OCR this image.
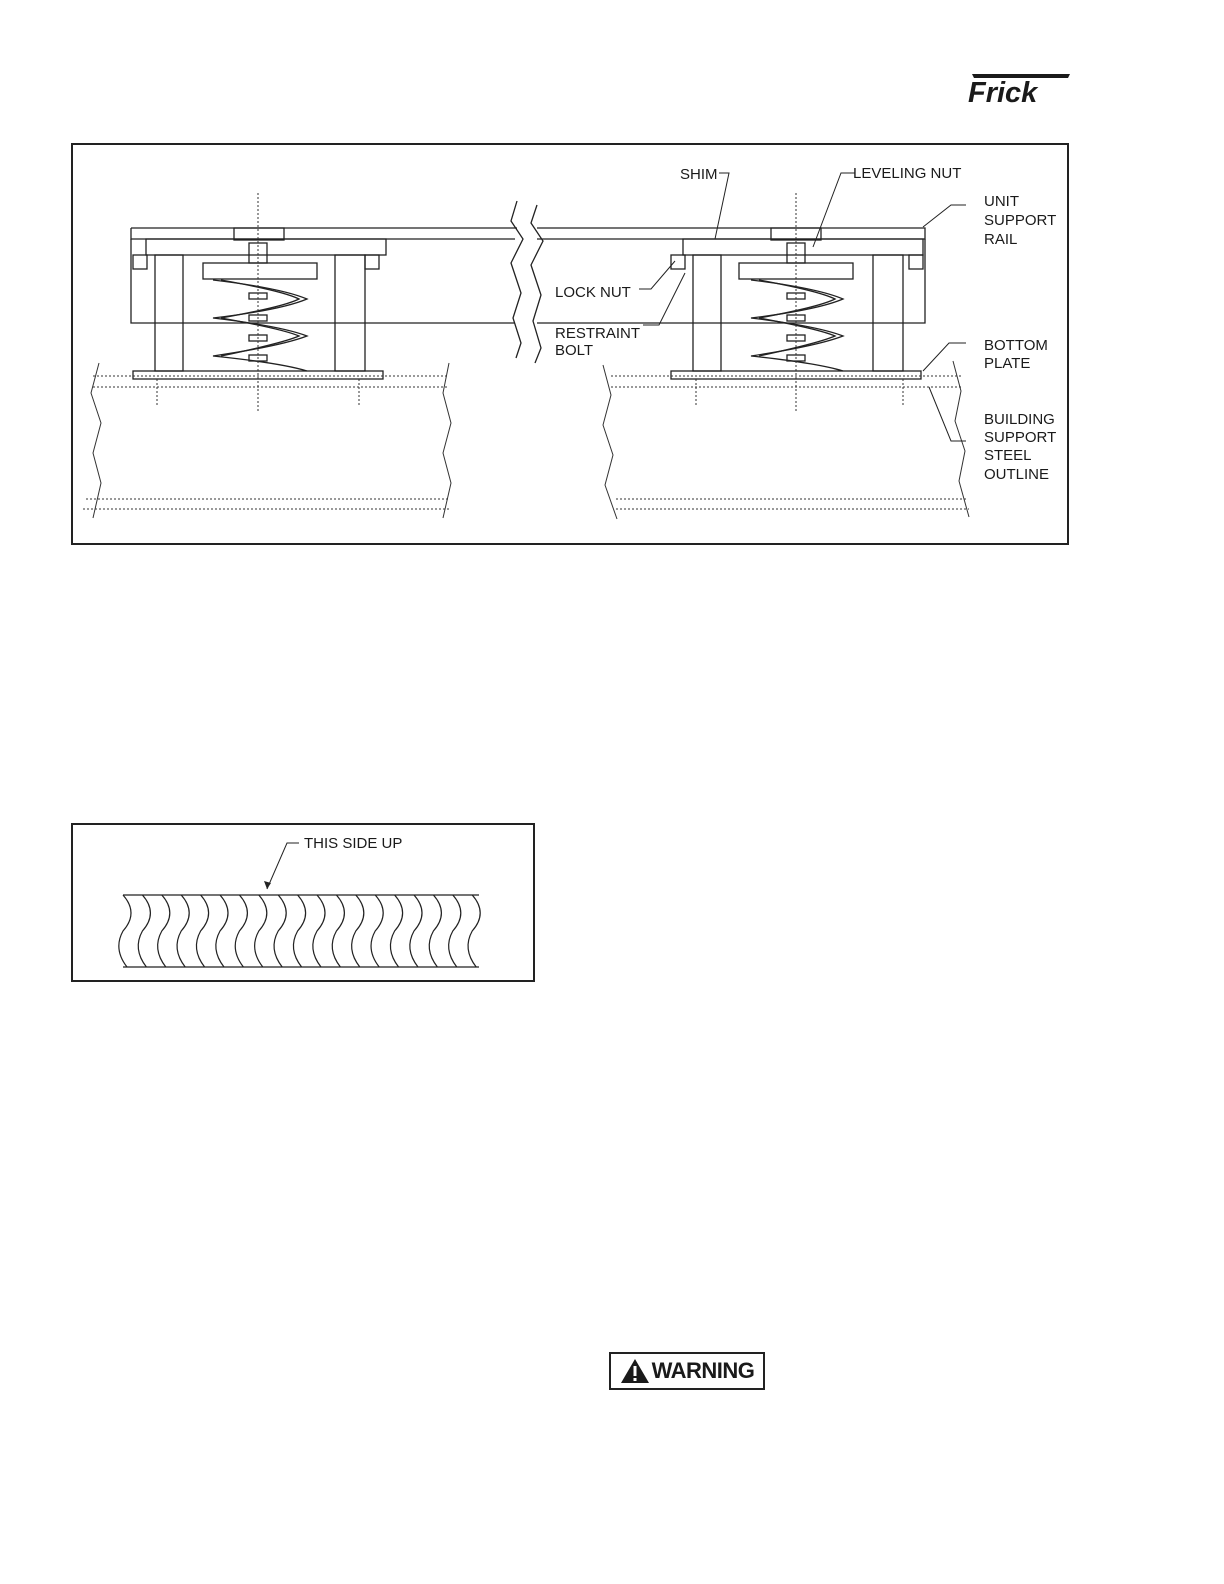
Frick
SHIM	LEVELING NUT
UNIT
SUPPORT
RAIL
LOCK NUT
RESTRAINT
BOLT	BOTTOM
PLATE
BUILDING
SUPPORT
STEEL
OUTLINE
THIS SIDE UP
WARNING
